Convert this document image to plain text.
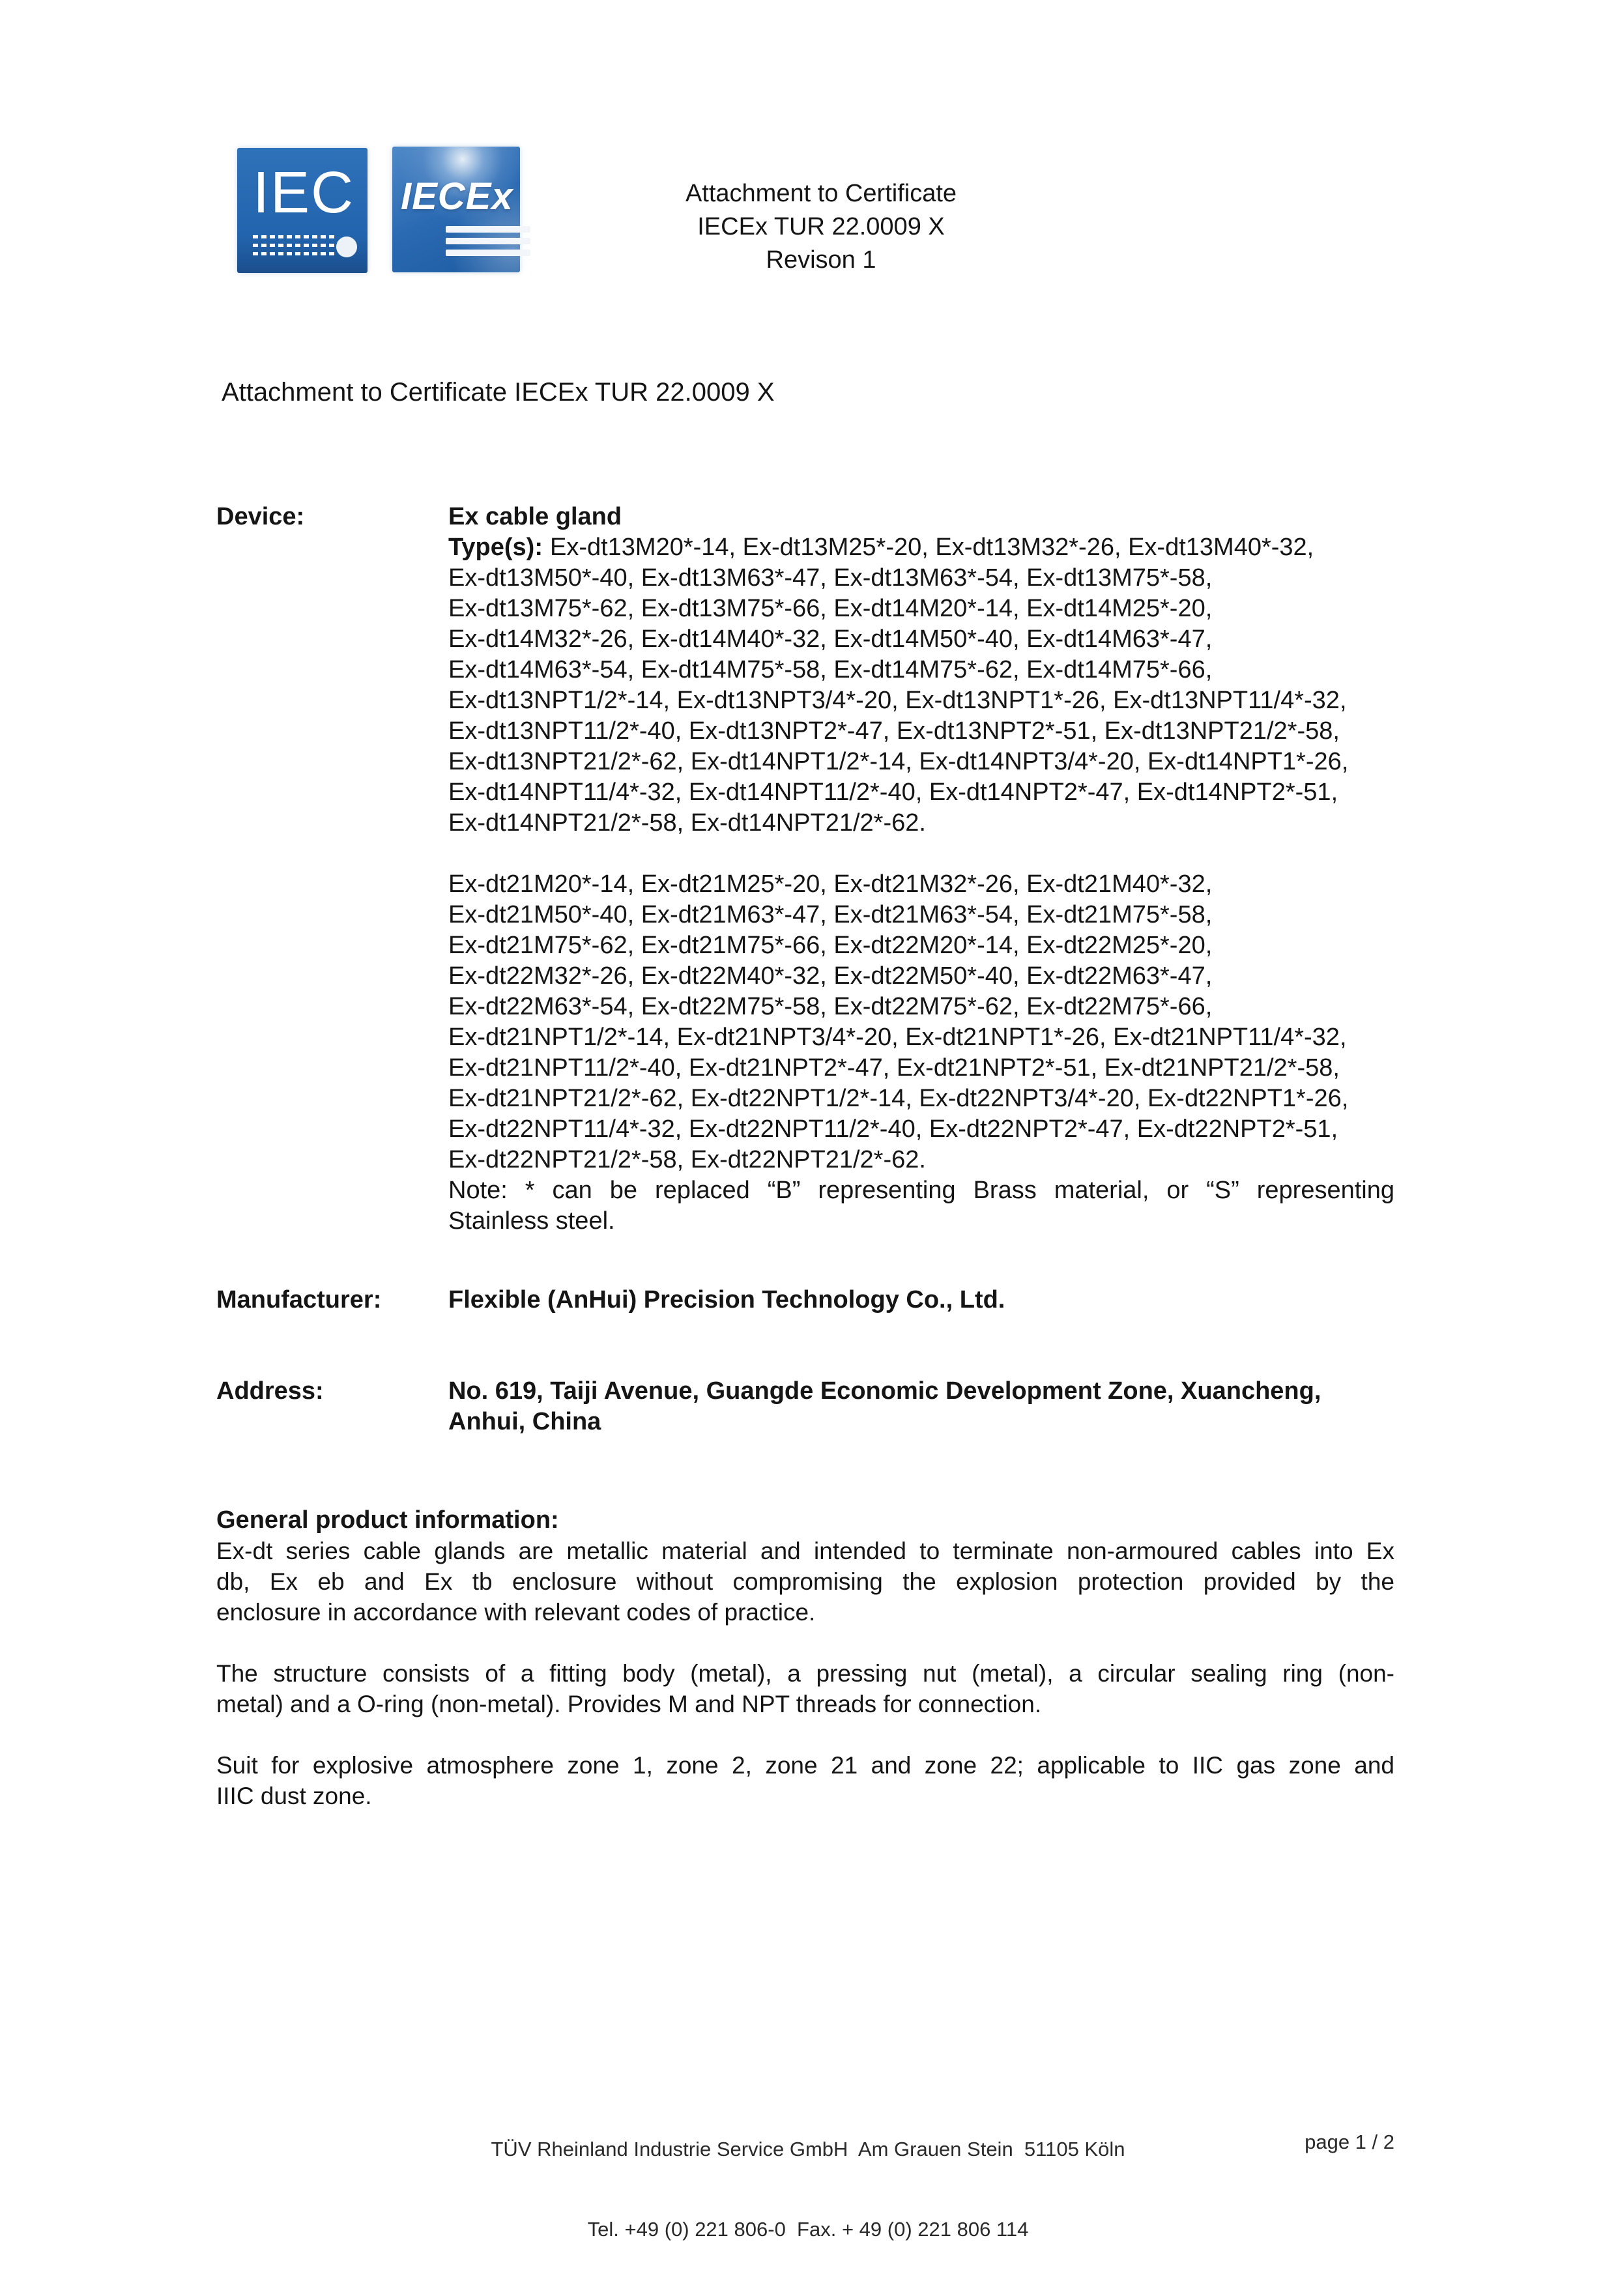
IEC IECEx	Attachment to Certificate
IECEx TUR 22.0009 X
Revison 1
Attachment to Certificate IECEx TUR 22.0009 X
Device:	Ex cable gland
Type(s): Ex-dt13M20*-14, Ex-dt13M25*-20, Ex-dt13M32*-26, Ex-dt13M40*-32,
Ex-dt13M50*-40, Ex-dt13M63*-47, Ex-dt13M63*-54, Ex-dt13M75*-58,
Ex-dt13M75*-62, Ex-dt13M75*-66, Ex-dt14M20*-14, Ex-dt14M25*-20,
Ex-dt14M32*-26, Ex-dt14M40*-32, Ex-dt14M50*-40, Ex-dt14M63*-47,
Ex-dt14M63*-54, Ex-dt14M75*-58, Ex-dt14M75*-62, Ex-dt14M75*-66,
Ex-dt13NPT1/2*-14, Ex-dt13NPT3/4*-20, Ex-dt13NPT1*-26, Ex-dt13NPT11/4*-32,
Ex-dt13NPT11/2*-40, Ex-dt13NPT2*-47, Ex-dt13NPT2*-51, Ex-dt13NPT21/2*-58,
Ex-dt13NPT21/2*-62, Ex-dt14NPT1/2*-14, Ex-dt14NPT3/4*-20, Ex-dt14NPT1*-26,
Ex-dt14NPT11/4*-32, Ex-dt14NPT11/2*-40, Ex-dt14NPT2*-47, Ex-dt14NPT2*-51,
Ex-dt14NPT21/2*-58, Ex-dt14NPT21/2*-62.
Ex-dt21M20*-14, Ex-dt21M25*-20, Ex-dt21M32*-26, Ex-dt21M40*-32,
Ex-dt21M50*-40, Ex-dt21M63*-47, Ex-dt21M63*-54, Ex-dt21M75*-58,
Ex-dt21M75*-62, Ex-dt21M75*-66, Ex-dt22M20*-14, Ex-dt22M25*-20,
Ex-dt22M32*-26, Ex-dt22M40*-32, Ex-dt22M50*-40, Ex-dt22M63*-47,
Ex-dt22M63*-54, Ex-dt22M75*-58, Ex-dt22M75*-62, Ex-dt22M75*-66,
Ex-dt21NPT1/2*-14, Ex-dt21NPT3/4*-20, Ex-dt21NPT1*-26, Ex-dt21NPT11/4*-32,
Ex-dt21NPT11/2*-40, Ex-dt21NPT2*-47, Ex-dt21NPT2*-51, Ex-dt21NPT21/2*-58,
Ex-dt21NPT21/2*-62, Ex-dt22NPT1/2*-14, Ex-dt22NPT3/4*-20, Ex-dt22NPT1*-26,
Ex-dt22NPT11/4*-32, Ex-dt22NPT11/2*-40, Ex-dt22NPT2*-47, Ex-dt22NPT2*-51,
Ex-dt22NPT21/2*-58, Ex-dt22NPT21/2*-62.
Note: * can be replaced “B” representing Brass material, or “S” representing
Stainless steel.
Manufacturer:	Flexible (AnHui) Precision Technology Co., Ltd.
Address:	No. 619, Taiji Avenue, Guangde Economic Development Zone, Xuancheng,
Anhui, China
General product information:
Ex-dt series cable glands are metallic material and intended to terminate non-armoured cables into Ex
db, Ex eb and Ex tb enclosure without compromising the explosion protection provided by the
enclosure in accordance with relevant codes of practice.
The structure consists of a fitting body (metal), a pressing nut (metal), a circular sealing ring (non-
metal) and a O-ring (non-metal). Provides M and NPT threads for connection.
Suit for explosive atmosphere zone 1, zone 2, zone 21 and zone 22; applicable to IIC gas zone and
IIIC dust zone.

TÜV Rheinland Industrie Service GmbH  Am Grauen Stein  51105 Köln

Tel. +49 (0) 221 806-0  Fax. + 49 (0) 221 806 114

page 1 / 2
